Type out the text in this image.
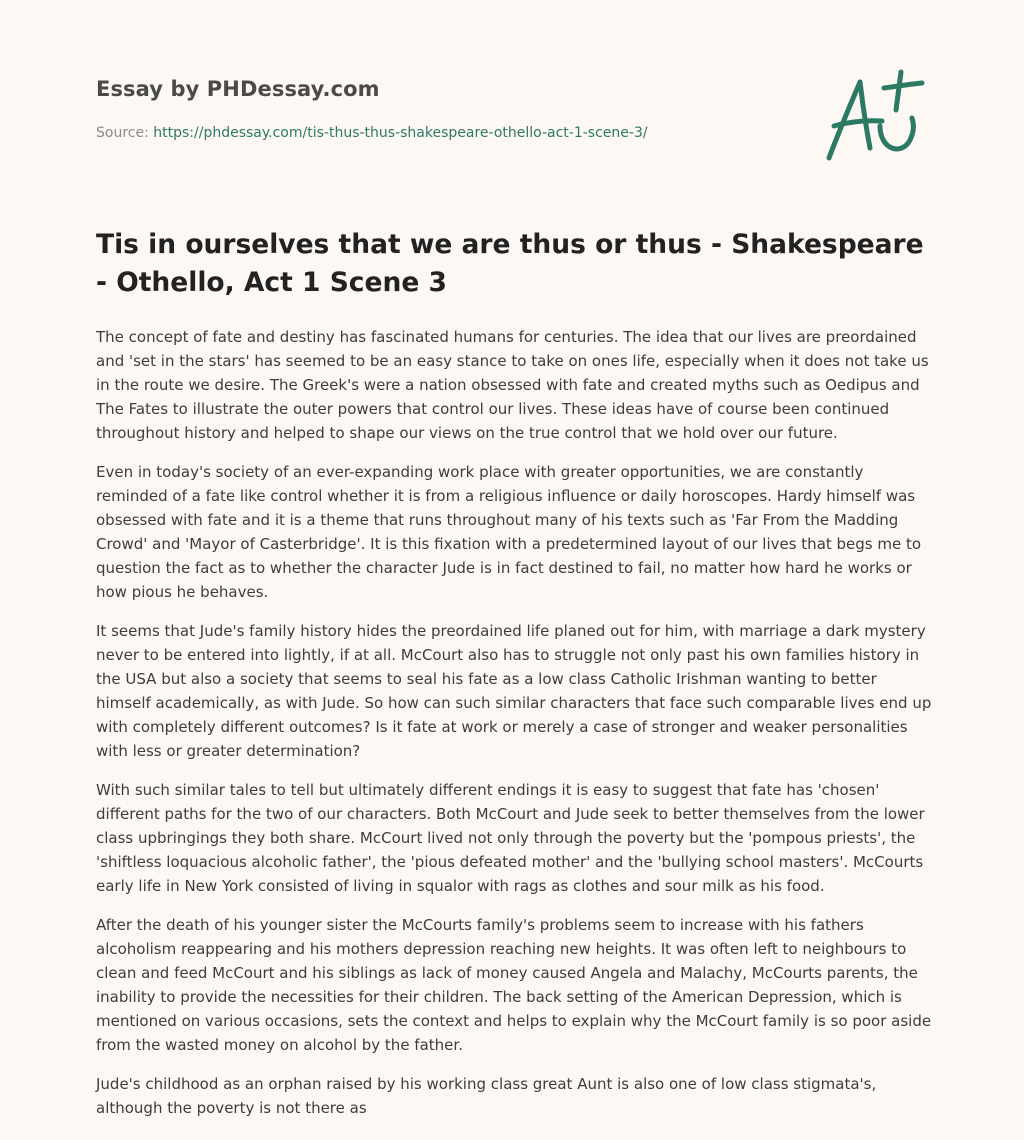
Essay by PHDessay.com
Source: https://phdessay.com/tis-thus-thus-shakespeare-othello-act-1-scene-3/
Tis in ourselves that we are thus or thus - Shakespeare - Othello, Act 1 Scene 3

The concept of fate and destiny has fascinated humans for centuries. The idea that our lives are preordained and 'set in the stars' has seemed to be an easy stance to take on ones life, especially when it does not take us in the route we desire. The Greek's were a nation obsessed with fate and created myths such as Oedipus and The Fates to illustrate the outer powers that control our lives. These ideas have of course been continued throughout history and helped to shape our views on the true control that we hold over our future.

Even in today's society of an ever-expanding work place with greater opportunities, we are constantly reminded of a fate like control whether it is from a religious influence or daily horoscopes. Hardy himself was obsessed with fate and it is a theme that runs throughout many of his texts such as 'Far From the Madding Crowd' and 'Mayor of Casterbridge'. It is this fixation with a predetermined layout of our lives that begs me to question the fact as to whether the character Jude is in fact destined to fail, no matter how hard he works or how pious he behaves.

It seems that Jude's family history hides the preordained life planed out for him, with marriage a dark mystery never to be entered into lightly, if at all. McCourt also has to struggle not only past his own families history in the USA but also a society that seems to seal his fate as a low class Catholic Irishman wanting to better himself academically, as with Jude. So how can such similar characters that face such comparable lives end up with completely different outcomes? Is it fate at work or merely a case of stronger and weaker personalities with less or greater determination?

With such similar tales to tell but ultimately different endings it is easy to suggest that fate has 'chosen' different paths for the two of our characters. Both McCourt and Jude seek to better themselves from the lower class upbringings they both share. McCourt lived not only through the poverty but the 'pompous priests', the 'shiftless loquacious alcoholic father', the 'pious defeated mother' and the 'bullying school masters'. McCourts early life in New York consisted of living in squalor with rags as clothes and sour milk as his food.

After the death of his younger sister the McCourts family's problems seem to increase with his fathers alcoholism reappearing and his mothers depression reaching new heights. It was often left to neighbours to clean and feed McCourt and his siblings as lack of money caused Angela and Malachy, McCourts parents, the inability to provide the necessities for their children. The back setting of the American Depression, which is mentioned on various occasions, sets the context and helps to explain why the McCourt family is so poor aside from the wasted money on alcohol by the father.

Jude's childhood as an orphan raised by his working class great Aunt is also one of low class stigmata's, although the poverty is not there as
